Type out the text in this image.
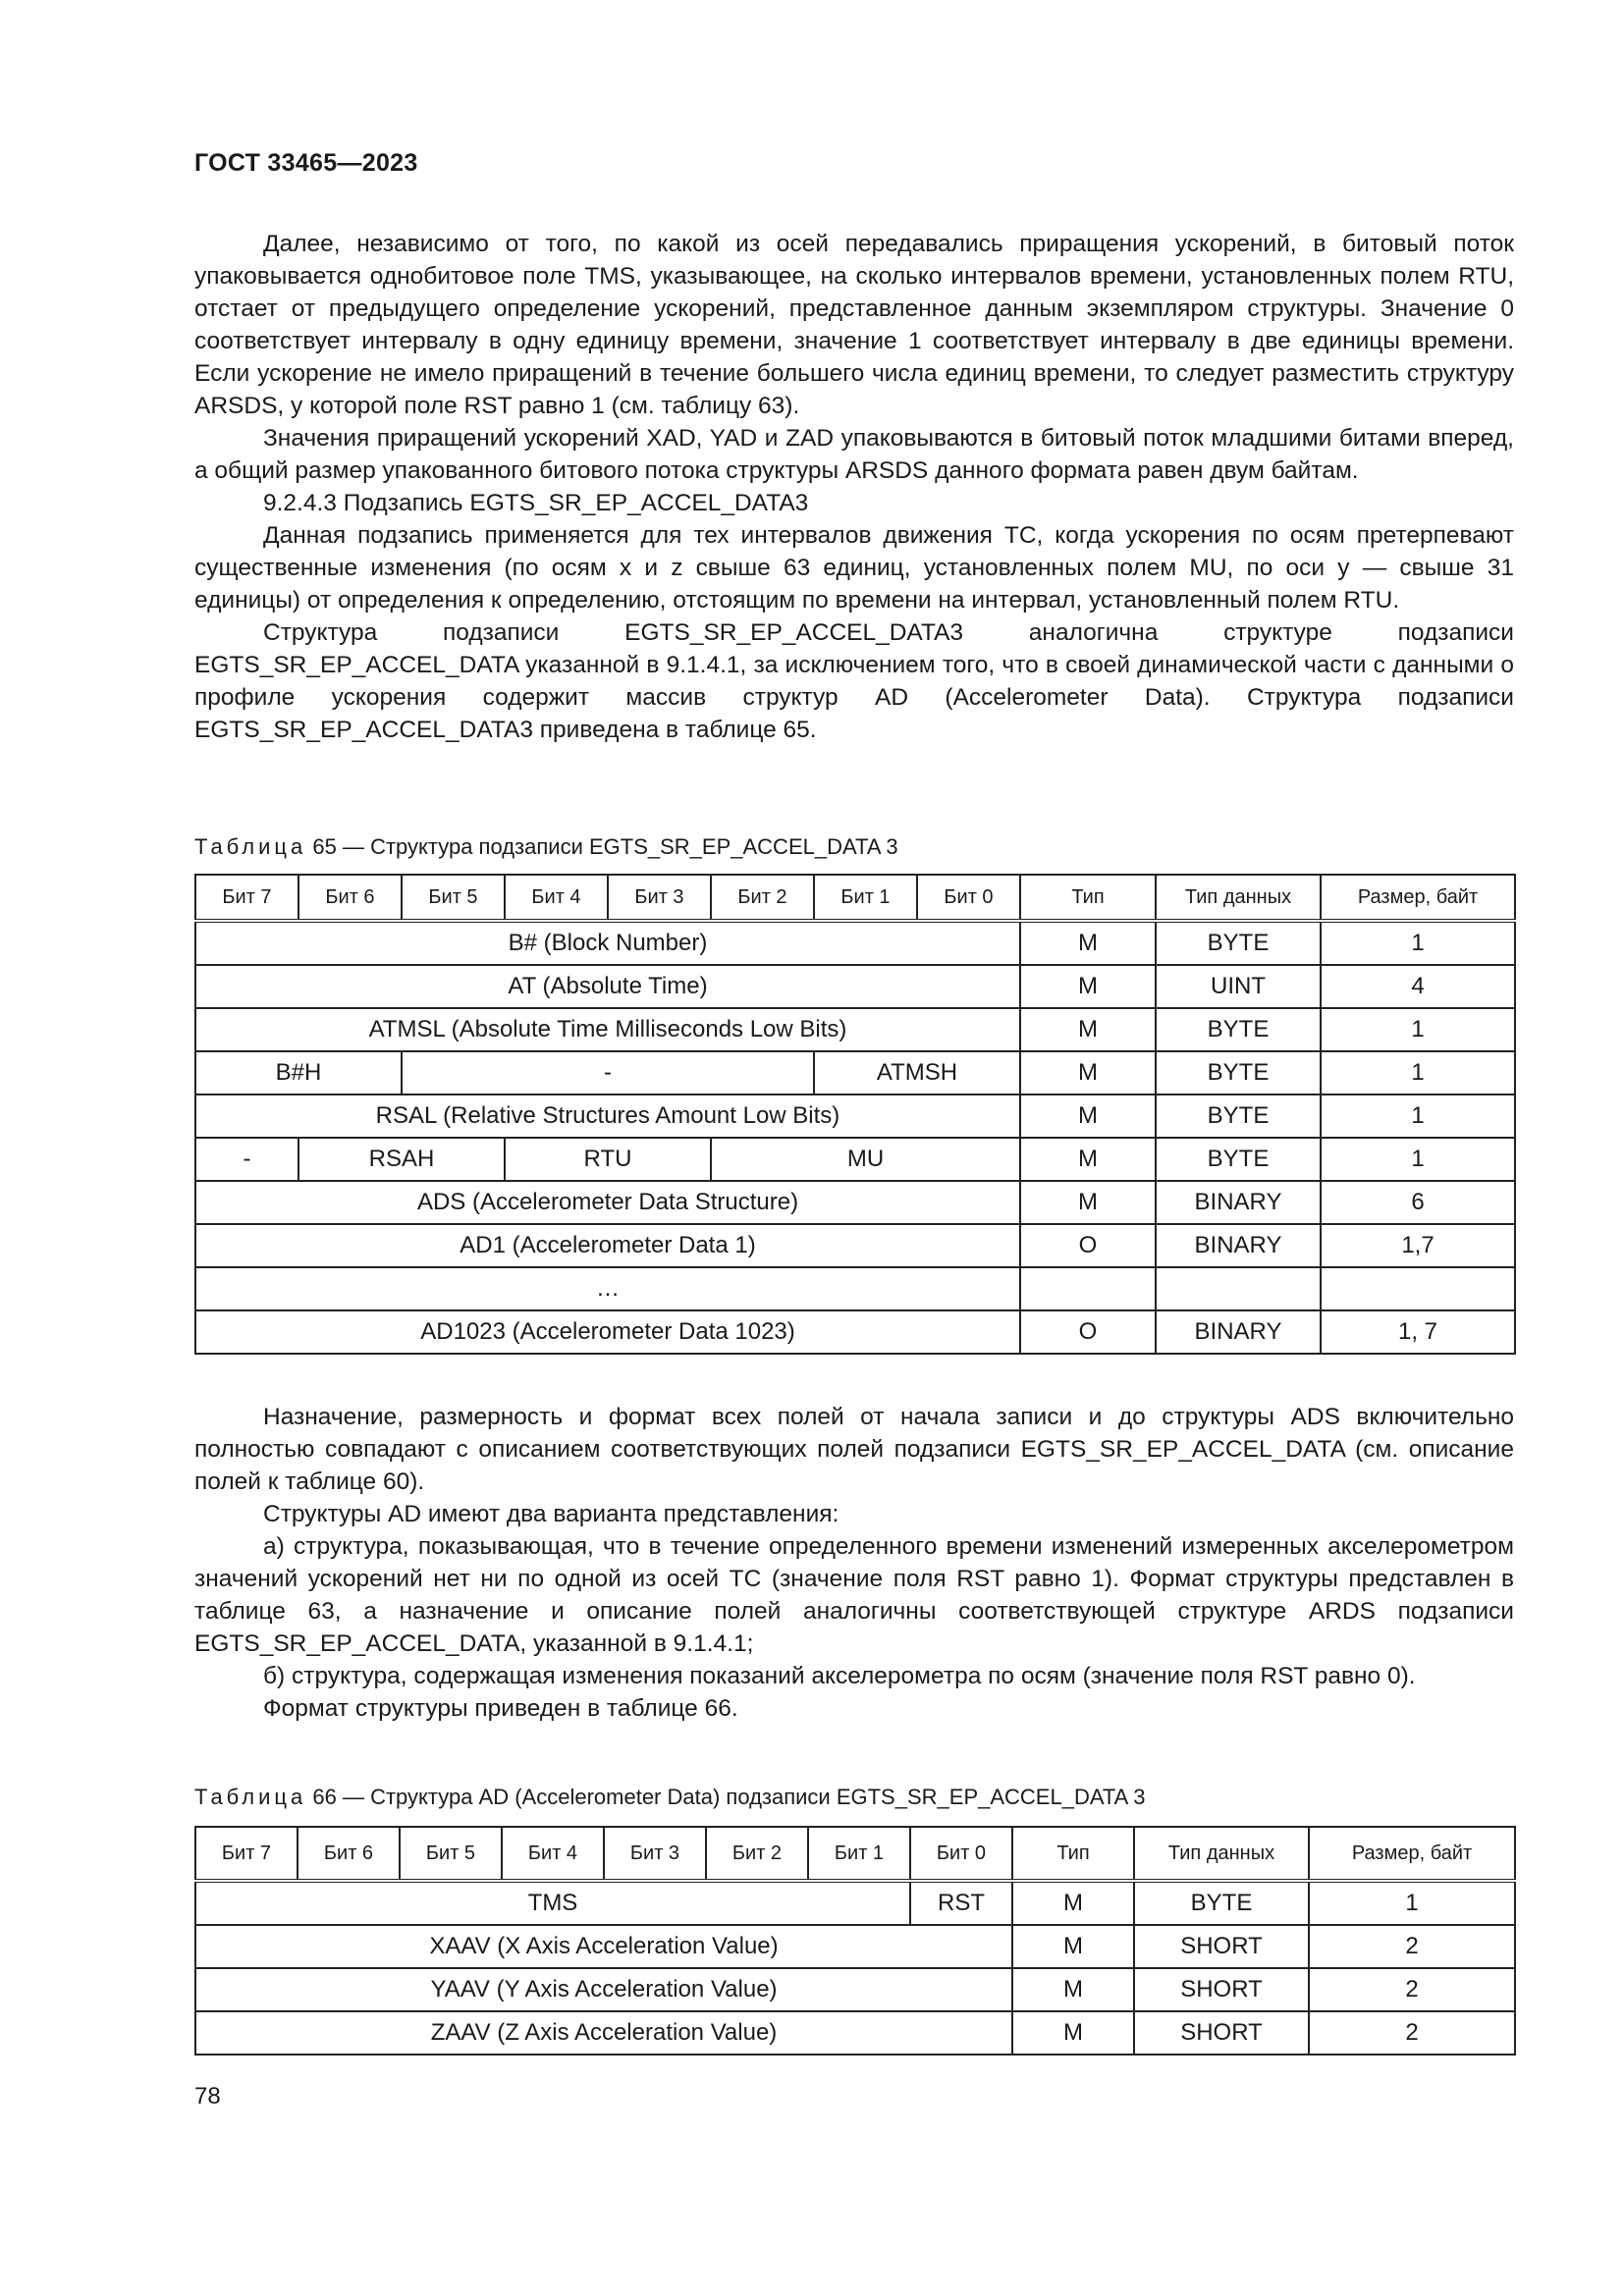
ГОСТ 33465—2023

Далее, независимо от того, по какой из осей передавались приращения ускорений, в битовый поток упаковывается однобитовое поле TMS, указывающее, на сколько интервалов времени, установленных полем RTU, отстает от предыдущего определение ускорений, представленное данным экземпляром структуры. Значение 0 соответствует интервалу в одну единицу времени, значение 1 соответствует интервалу в две единицы времени. Если ускорение не имело приращений в течение большего числа единиц времени, то следует разместить структуру ARSDS, у которой поле RST равно 1 (см. таблицу 63).

Значения приращений ускорений XAD, YAD и ZAD упаковываются в битовый поток младшими битами вперед, а общий размер упакованного битового потока структуры ARSDS данного формата равен двум байтам.

9.2.4.3 Подзапись EGTS_SR_EP_ACCEL_DATA3

Данная подзапись применяется для тех интервалов движения ТС, когда ускорения по осям претерпевают существенные изменения (по осям x и z свыше 63 единиц, установленных полем MU, по оси y — свыше 31 единицы) от определения к определению, отстоящим по времени на интервал, установленный полем RTU.

Структура подзаписи EGTS_SR_EP_ACCEL_DATA3 аналогична структуре подзаписи EGTS_SR_EP_ACCEL_DATA указанной в 9.1.4.1, за исключением того, что в своей динамической части с данными о профиле ускорения содержит массив структур AD (Accelerometer Data). Структура подзаписи EGTS_SR_EP_ACCEL_DATA3 приведена в таблице 65.

Таблица 65 — Структура подзаписи EGTS_SR_EP_ACCEL_DATA 3
Бит 7	Бит 6	Бит 5	Бит 4	Бит 3	Бит 2	Бит 1	Бит 0	Тип	Тип данных	Размер, байт
B# (Block Number)								M	BYTE	1
AT (Absolute Time)								M	UINT	4
ATMSL (Absolute Time Milliseconds Low Bits)								M	BYTE	1
B#H		-				ATMSH		M	BYTE	1
RSAL (Relative Structures Amount Low Bits)								M	BYTE	1
-	RSAH		RTU		MU			M	BYTE	1
ADS (Accelerometer Data Structure)								M	BINARY	6
AD1 (Accelerometer Data 1)								O	BINARY	1,7
…										
AD1023 (Accelerometer Data 1023)								O	BINARY	1, 7

Назначение, размерность и формат всех полей от начала записи и до структуры ADS включительно полностью совпадают с описанием соответствующих полей подзаписи EGTS_SR_EP_ACCEL_DATA (см. описание полей к таблице 60).

Структуры AD имеют два варианта представления:

а) структура, показывающая, что в течение определенного времени изменений измеренных акселерометром значений ускорений нет ни по одной из осей ТС (значение поля RST равно 1). Формат структуры представлен в таблице 63, а назначение и описание полей аналогичны соответствующей структуре ARDS подзаписи EGTS_SR_EP_ACCEL_DATA, указанной в 9.1.4.1;

б) структура, содержащая изменения показаний акселерометра по осям (значение поля RST равно 0).

Формат структуры приведен в таблице 66.

Таблица 66 — Структура AD (Accelerometer Data) подзаписи EGTS_SR_EP_ACCEL_DATA 3
Бит 7	Бит 6	Бит 5	Бит 4	Бит 3	Бит 2	Бит 1	Бит 0	Тип	Тип данных	Размер, байт
TMS							RST	M	BYTE	1
XAAV (X Axis Acceleration Value)								M	SHORT	2
YAAV (Y Axis Acceleration Value)								M	SHORT	2
ZAAV (Z Axis Acceleration Value)								M	SHORT	2
78
